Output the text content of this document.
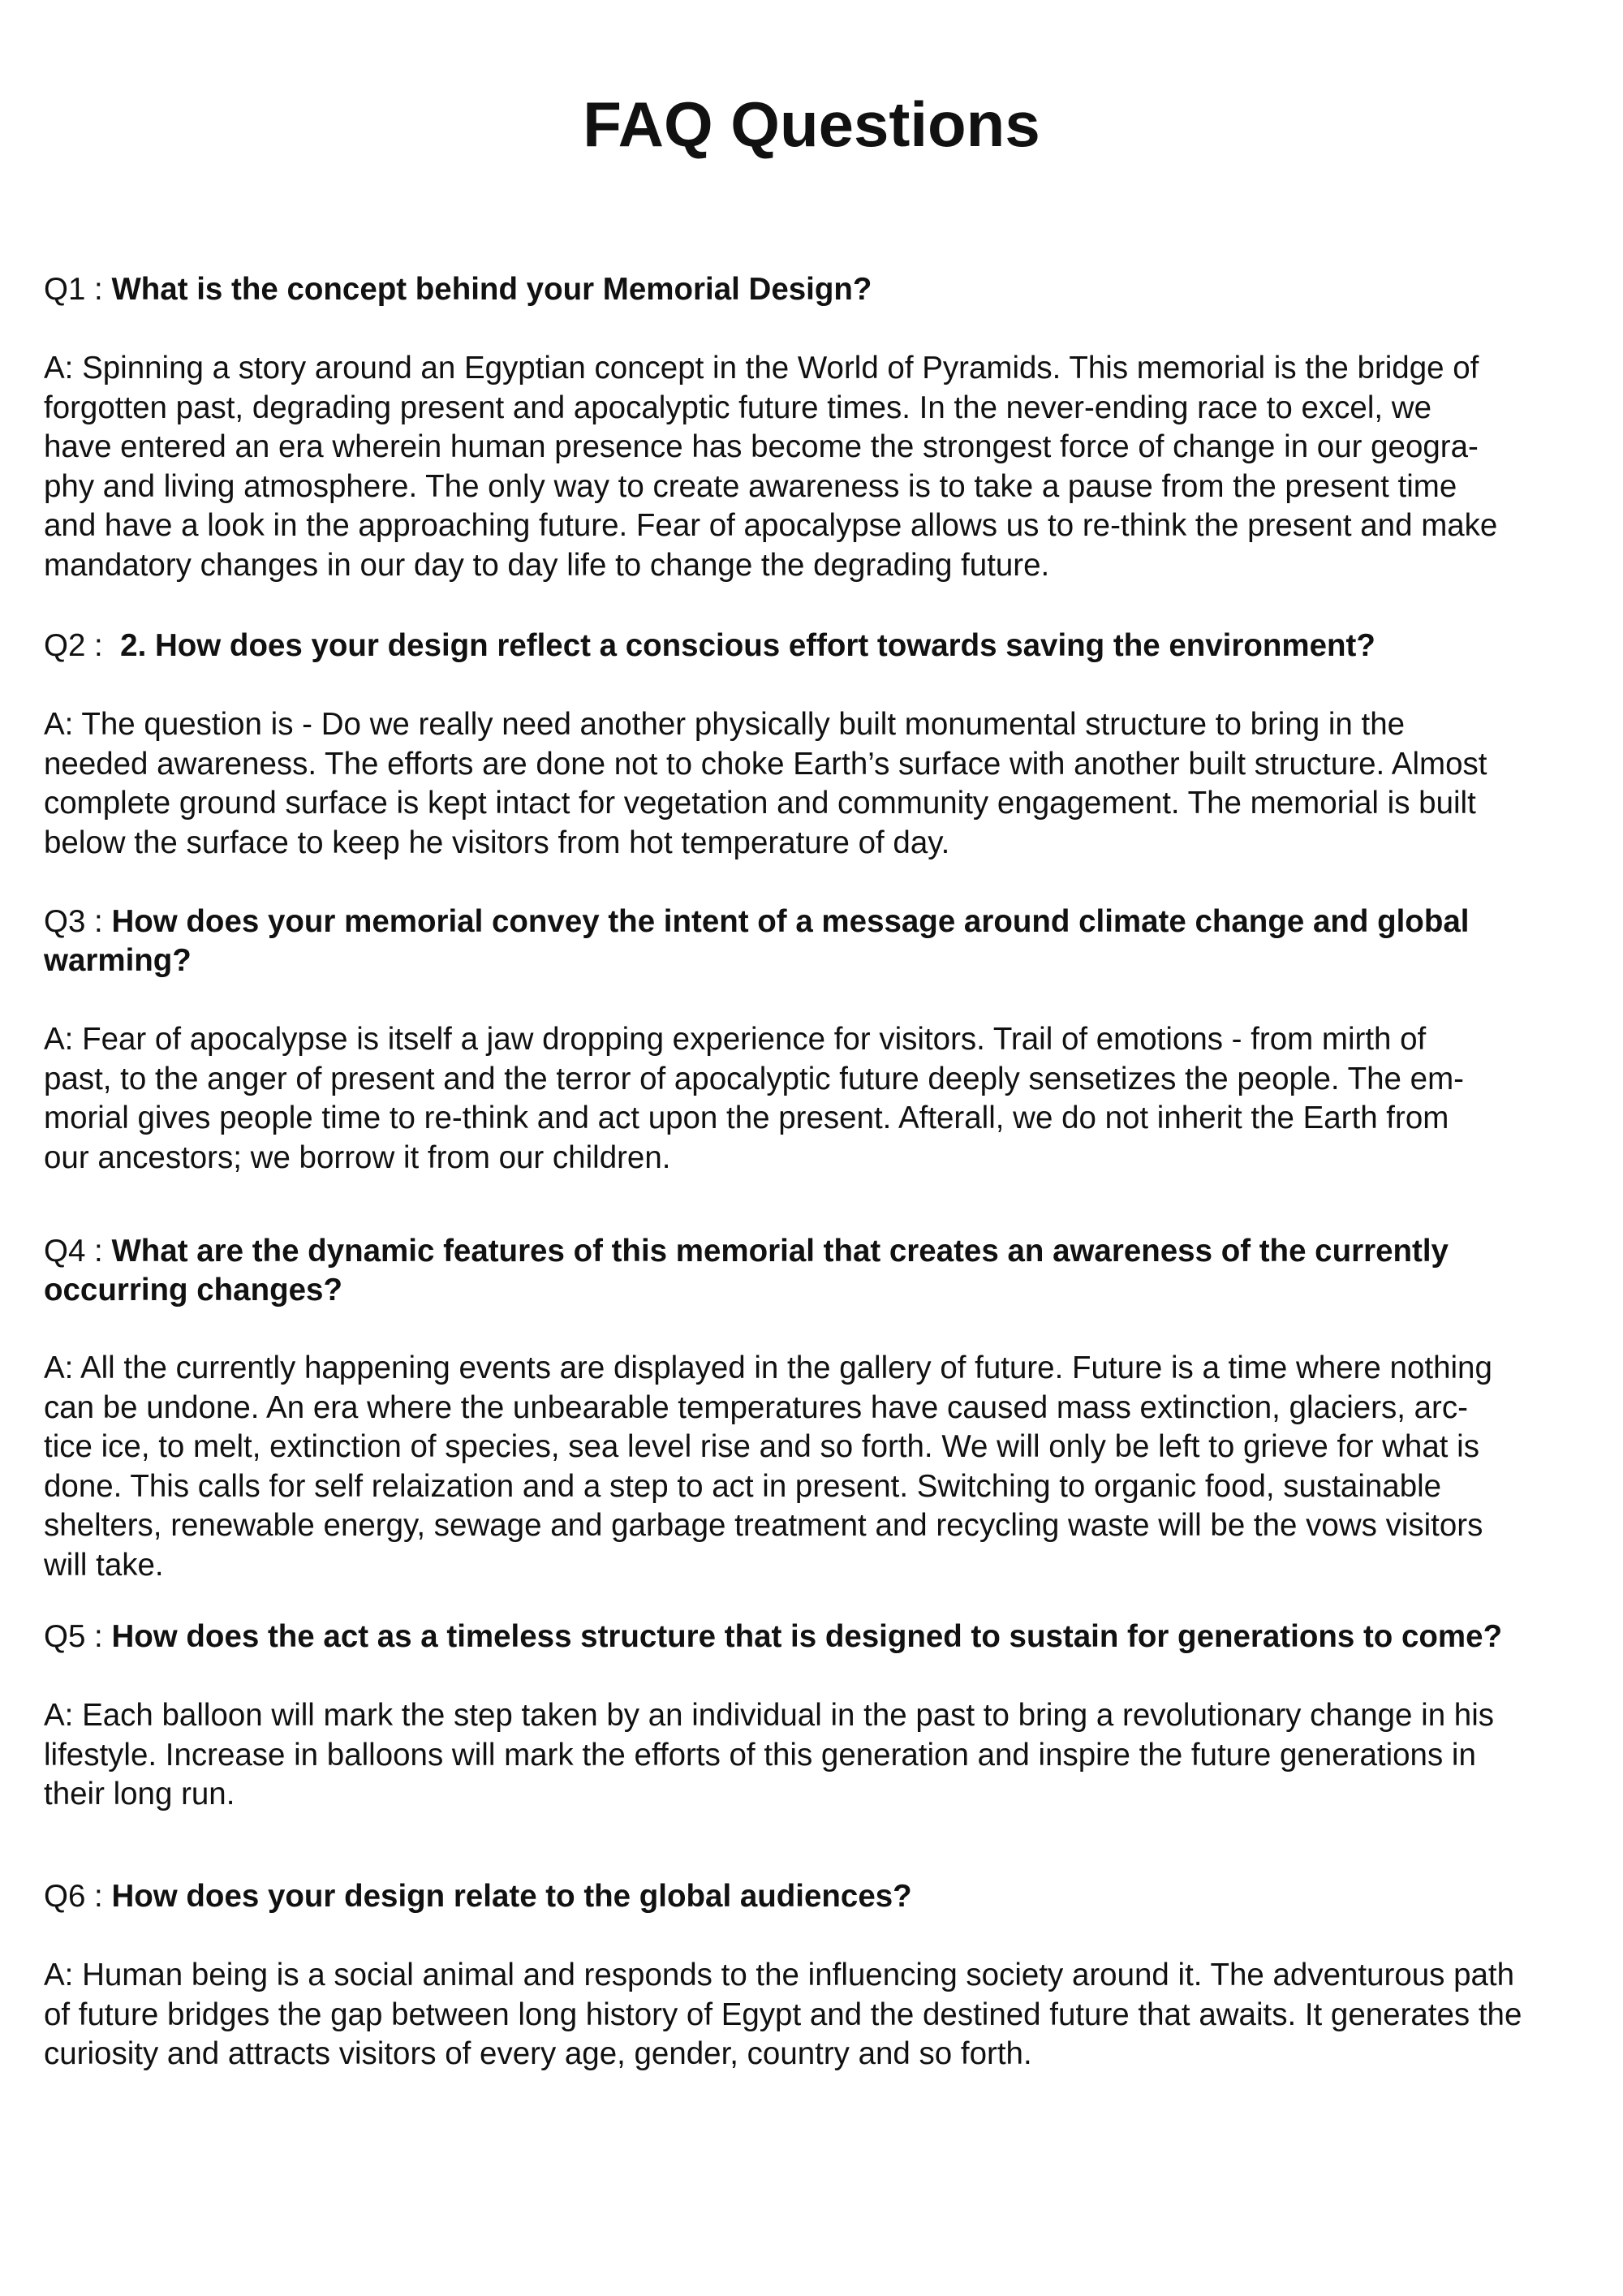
FAQ Questions

Q1 : What is the concept behind your Memorial Design?

A: Spinning a story around an Egyptian concept in the World of Pyramids. This memorial is the bridge of
forgotten past, degrading present and apocalyptic future times. In the never-ending race to excel, we
have entered an era wherein human presence has become the strongest force of change in our geogra-
phy and living atmosphere. The only way to create awareness is to take a pause from the present time
and have a look in the approaching future. Fear of apocalypse allows us to re-think the present and make
mandatory changes in our day to day life to change the degrading future.

Q2 :  2. How does your design reflect a conscious effort towards saving the environment?

A: The question is - Do we really need another physically built monumental structure to bring in the
needed awareness. The efforts are done not to choke Earth’s surface with another built structure. Almost
complete ground surface is kept intact for vegetation and community engagement. The memorial is built
below the surface to keep he visitors from hot temperature of day.

Q3 : How does your memorial convey the intent of a message around climate change and global
warming?

A: Fear of apocalypse is itself a jaw dropping experience for visitors. Trail of emotions - from mirth of
past, to the anger of present and the terror of apocalyptic future deeply sensetizes the people. The em-
morial gives people time to re-think and act upon the present. Afterall, we do not inherit the Earth from
our ancestors; we borrow it from our children.

Q4 : What are the dynamic features of this memorial that creates an awareness of the currently
occurring changes?

A: All the currently happening events are displayed in the gallery of future. Future is a time where nothing
can be undone. An era where the unbearable temperatures have caused mass extinction, glaciers, arc-
tice ice, to melt, extinction of species, sea level rise and so forth. We will only be left to grieve for what is
done. This calls for self relaization and a step to act in present. Switching to organic food, sustainable
shelters, renewable energy, sewage and garbage treatment and recycling waste will be the vows visitors
will take.

Q5 : How does the act as a timeless structure that is designed to sustain for generations to come?

A: Each balloon will mark the step taken by an individual in the past to bring a revolutionary change in his
lifestyle. Increase in balloons will mark the efforts of this generation and inspire the future generations in
their long run.

Q6 : How does your design relate to the global audiences?

A: Human being is a social animal and responds to the influencing society around it. The adventurous path
of future bridges the gap between long history of Egypt and the destined future that awaits. It generates the
curiosity and attracts visitors of every age, gender, country and so forth.
